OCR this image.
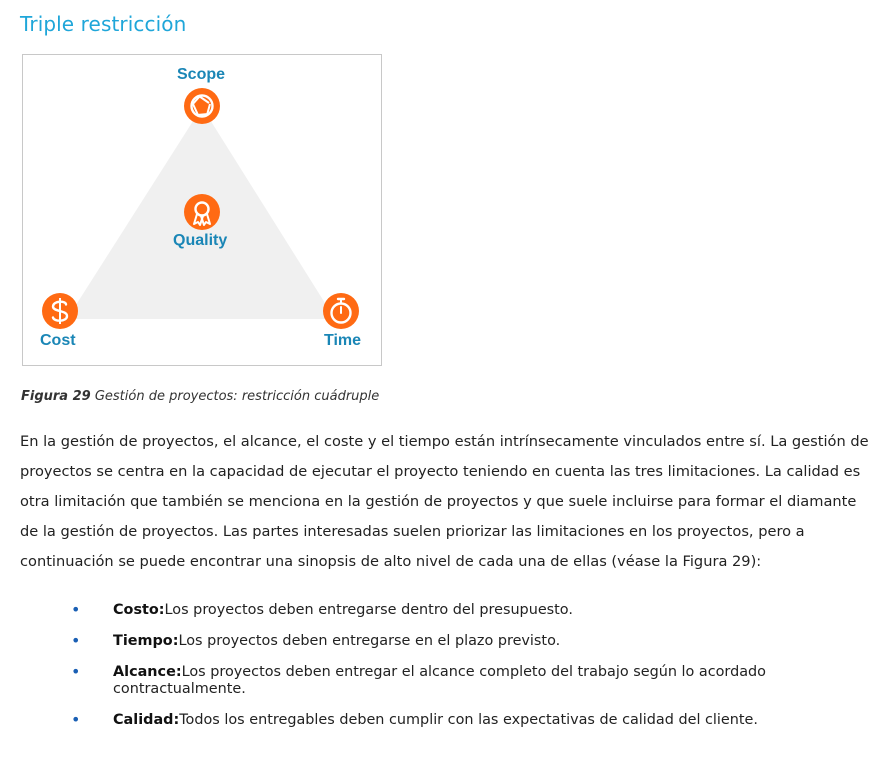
Triple restricción
Scope
Quality
Cost	Time
Figura 29 Gestión de proyectos: restricción cuádruple

En la gestión de proyectos, el alcance, el coste y el tiempo están intrínsecamente vinculados entre sí. La gestión de proyectos se centra en la capacidad de ejecutar el proyecto teniendo en cuenta las tres limitaciones. La calidad es otra limitación que también se menciona en la gestión de proyectos y que suele incluirse para formar el diamante de la gestión de proyectos. Las partes interesadas suelen priorizar las limitaciones en los proyectos, pero a continuación se puede encontrar una sinopsis de alto nivel de cada una de ellas (véase la Figura 29):

• Costo:Los proyectos deben entregarse dentro del presupuesto.
• Tiempo:Los proyectos deben entregarse en el plazo previsto.
• Alcance:Los proyectos deben entregar el alcance completo del trabajo según lo acordado contractualmente.
• Calidad:Todos los entregables deben cumplir con las expectativas de calidad del cliente.
